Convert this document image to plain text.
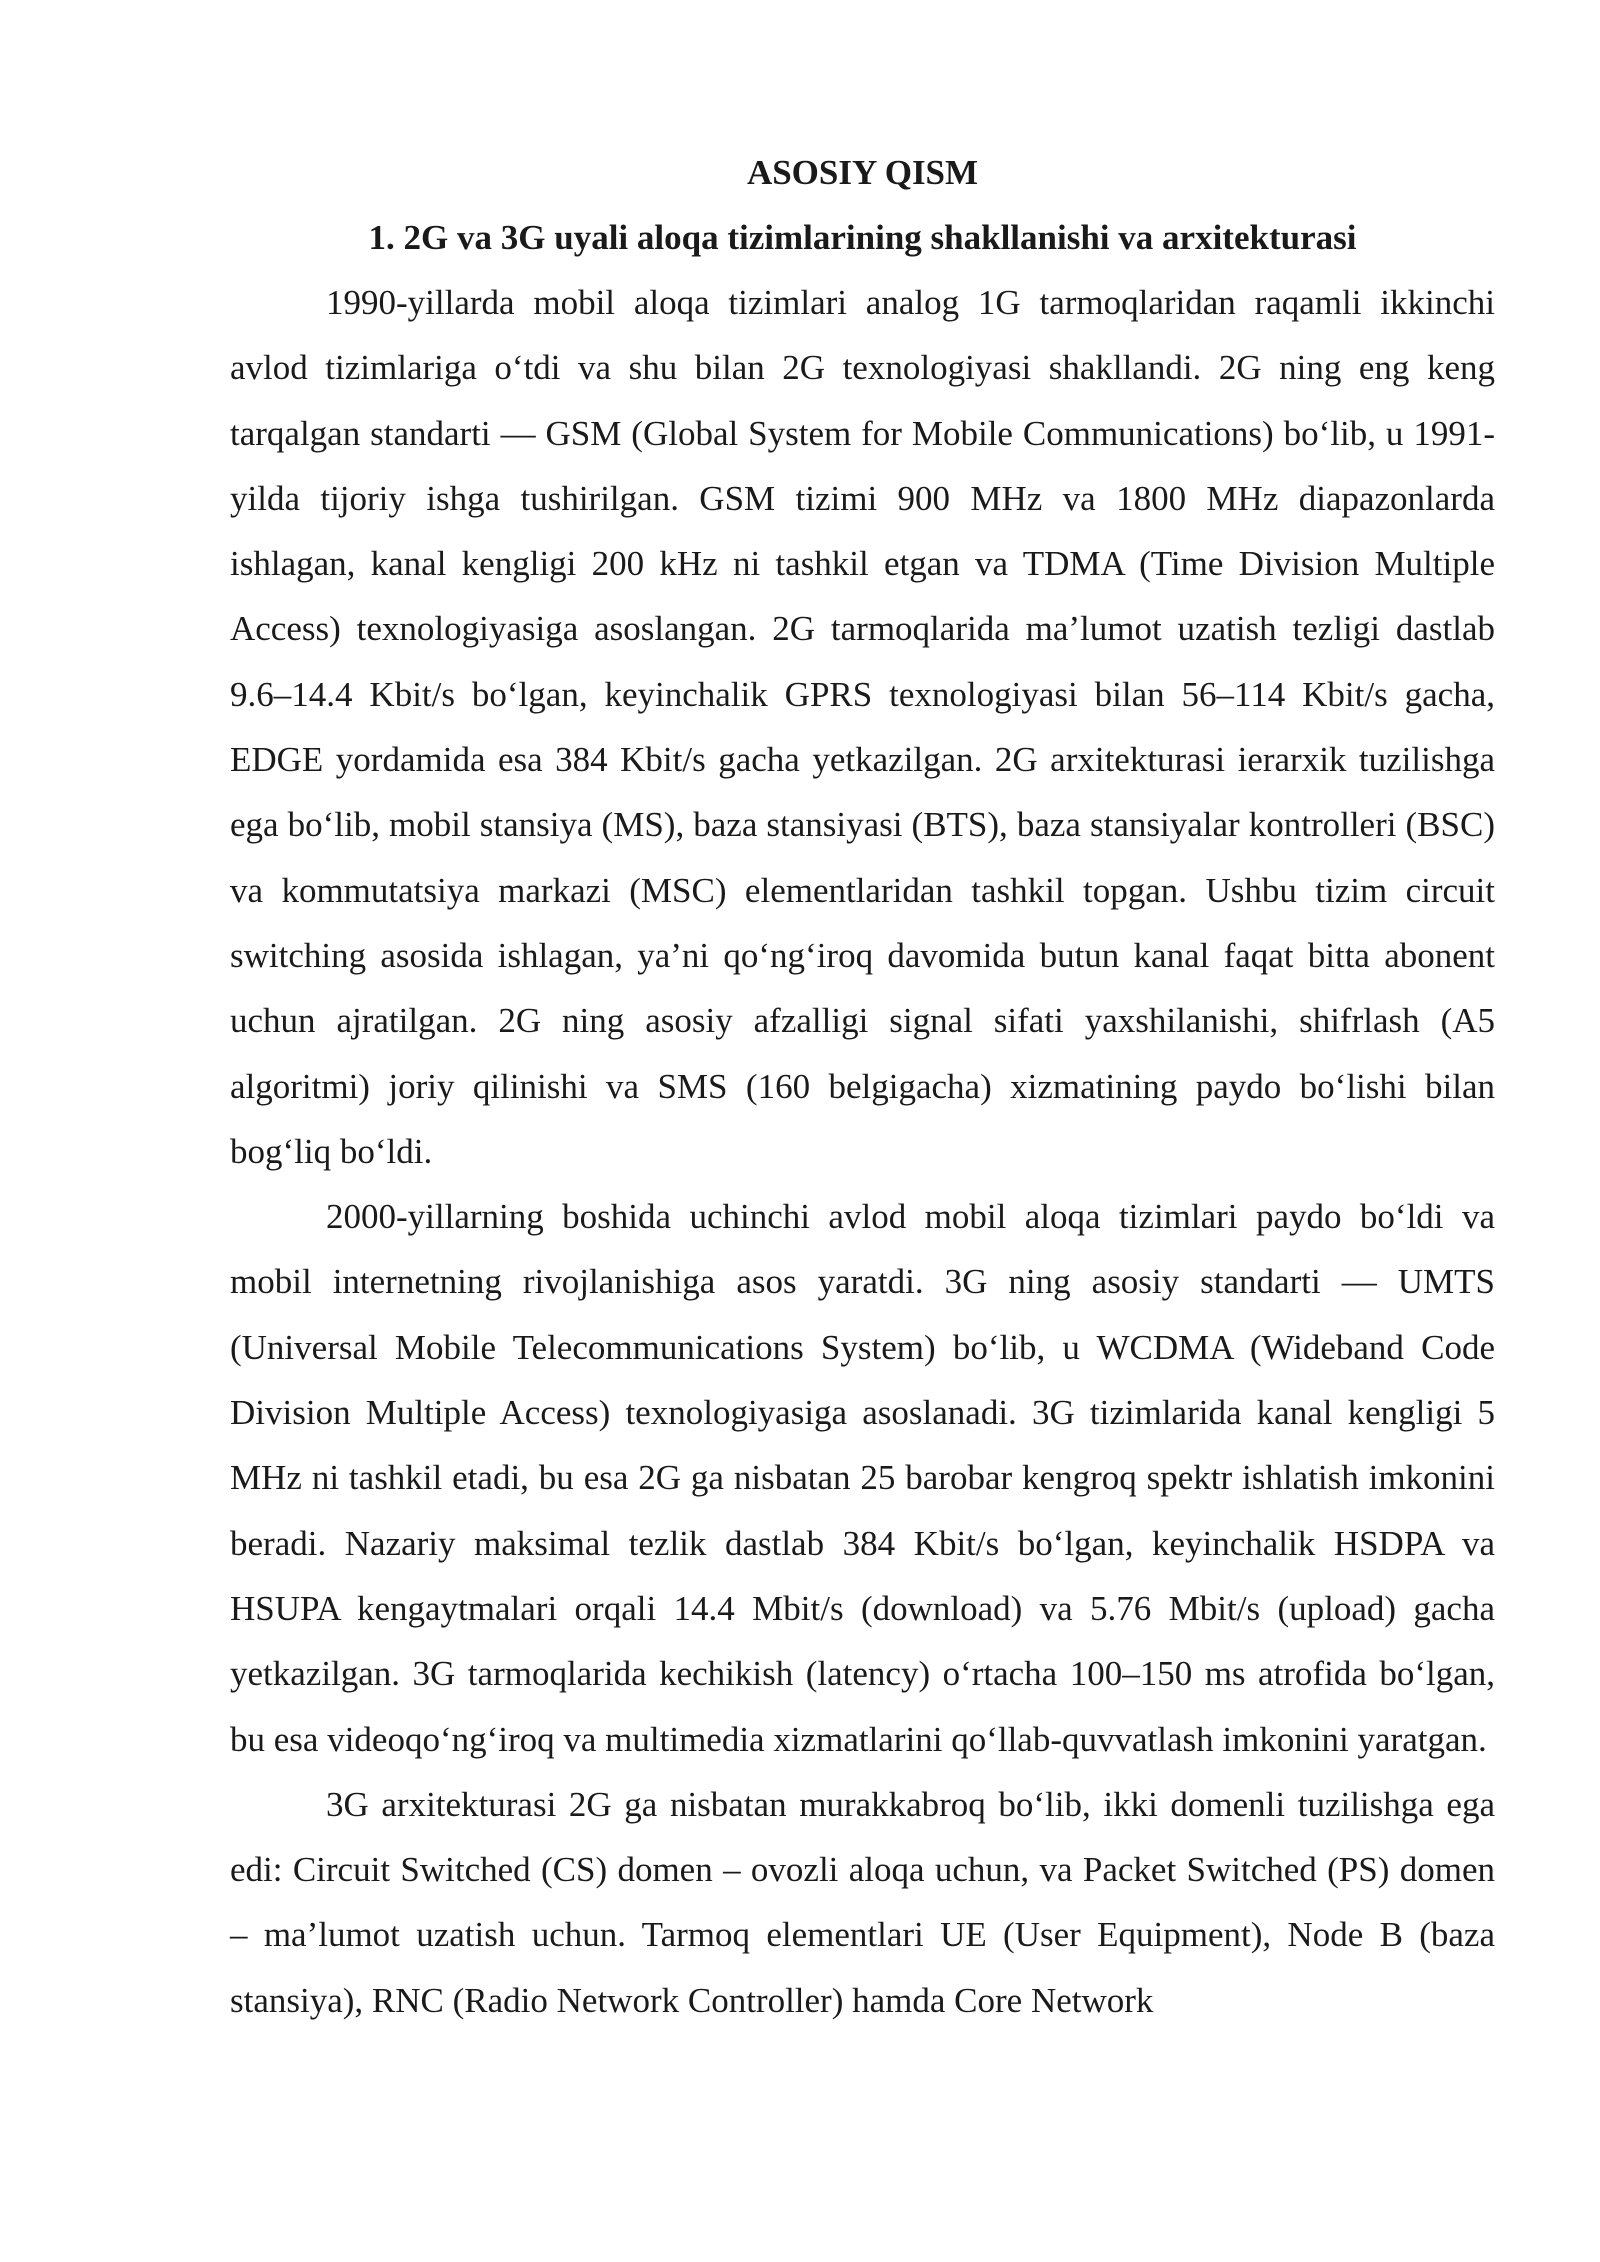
ASOSIY QISM
1. 2G va 3G uyali aloqa tizimlarining shakllanishi va arxitekturasi

1990-yillarda mobil aloqa tizimlari analog 1G tarmoqlaridan raqamli ikkinchi avlod tizimlariga o‘tdi va shu bilan 2G texnologiyasi shakllandi. 2G ning eng keng tarqalgan standarti — GSM (Global System for Mobile Communications) bo‘lib, u 1991-yilda tijoriy ishga tushirilgan. GSM tizimi 900 MHz va 1800 MHz diapazonlarda ishlagan, kanal kengligi 200 kHz ni tashkil etgan va TDMA (Time Division Multiple Access) texnologiyasiga asoslangan. 2G tarmoqlarida ma’lumot uzatish tezligi dastlab 9.6–14.4 Kbit/s bo‘lgan, keyinchalik GPRS texnologiyasi bilan 56–114 Kbit/s gacha, EDGE yordamida esa 384 Kbit/s gacha yetkazilgan. 2G arxitekturasi ierarxik tuzilishga ega bo‘lib, mobil stansiya (MS), baza stansiyasi (BTS), baza stansiyalar kontrolleri (BSC) va kommutatsiya markazi (MSC) elementlaridan tashkil topgan. Ushbu tizim circuit switching asosida ishlagan, ya’ni qo‘ng‘iroq davomida butun kanal faqat bitta abonent uchun ajratilgan. 2G ning asosiy afzalligi signal sifati yaxshilanishi, shifrlash (A5 algoritmi) joriy qilinishi va SMS (160 belgigacha) xizmatining paydo bo‘lishi bilan bog‘liq bo‘ldi.

2000-yillarning boshida uchinchi avlod mobil aloqa tizimlari paydo bo‘ldi va mobil internetning rivojlanishiga asos yaratdi. 3G ning asosiy standarti — UMTS (Universal Mobile Telecommunications System) bo‘lib, u WCDMA (Wideband Code Division Multiple Access) texnologiyasiga asoslanadi. 3G tizimlarida kanal kengligi 5 MHz ni tashkil etadi, bu esa 2G ga nisbatan 25 barobar kengroq spektr ishlatish imkonini beradi. Nazariy maksimal tezlik dastlab 384 Kbit/s bo‘lgan, keyinchalik HSDPA va HSUPA kengaytmalari orqali 14.4 Mbit/s (download) va 5.76 Mbit/s (upload) gacha yetkazilgan. 3G tarmoqlarida kechikish (latency) o‘rtacha 100–150 ms atrofida bo‘lgan, bu esa videoqo‘ng‘iroq va multimedia xizmatlarini qo‘llab-quvvatlash imkonini yaratgan.

3G arxitekturasi 2G ga nisbatan murakkabroq bo‘lib, ikki domenli tuzilishga ega edi: Circuit Switched (CS) domen – ovozli aloqa uchun, va Packet Switched (PS) domen – ma’lumot uzatish uchun. Tarmoq elementlari UE (User Equipment), Node B (baza stansiya), RNC (Radio Network Controller) hamda Core Network
